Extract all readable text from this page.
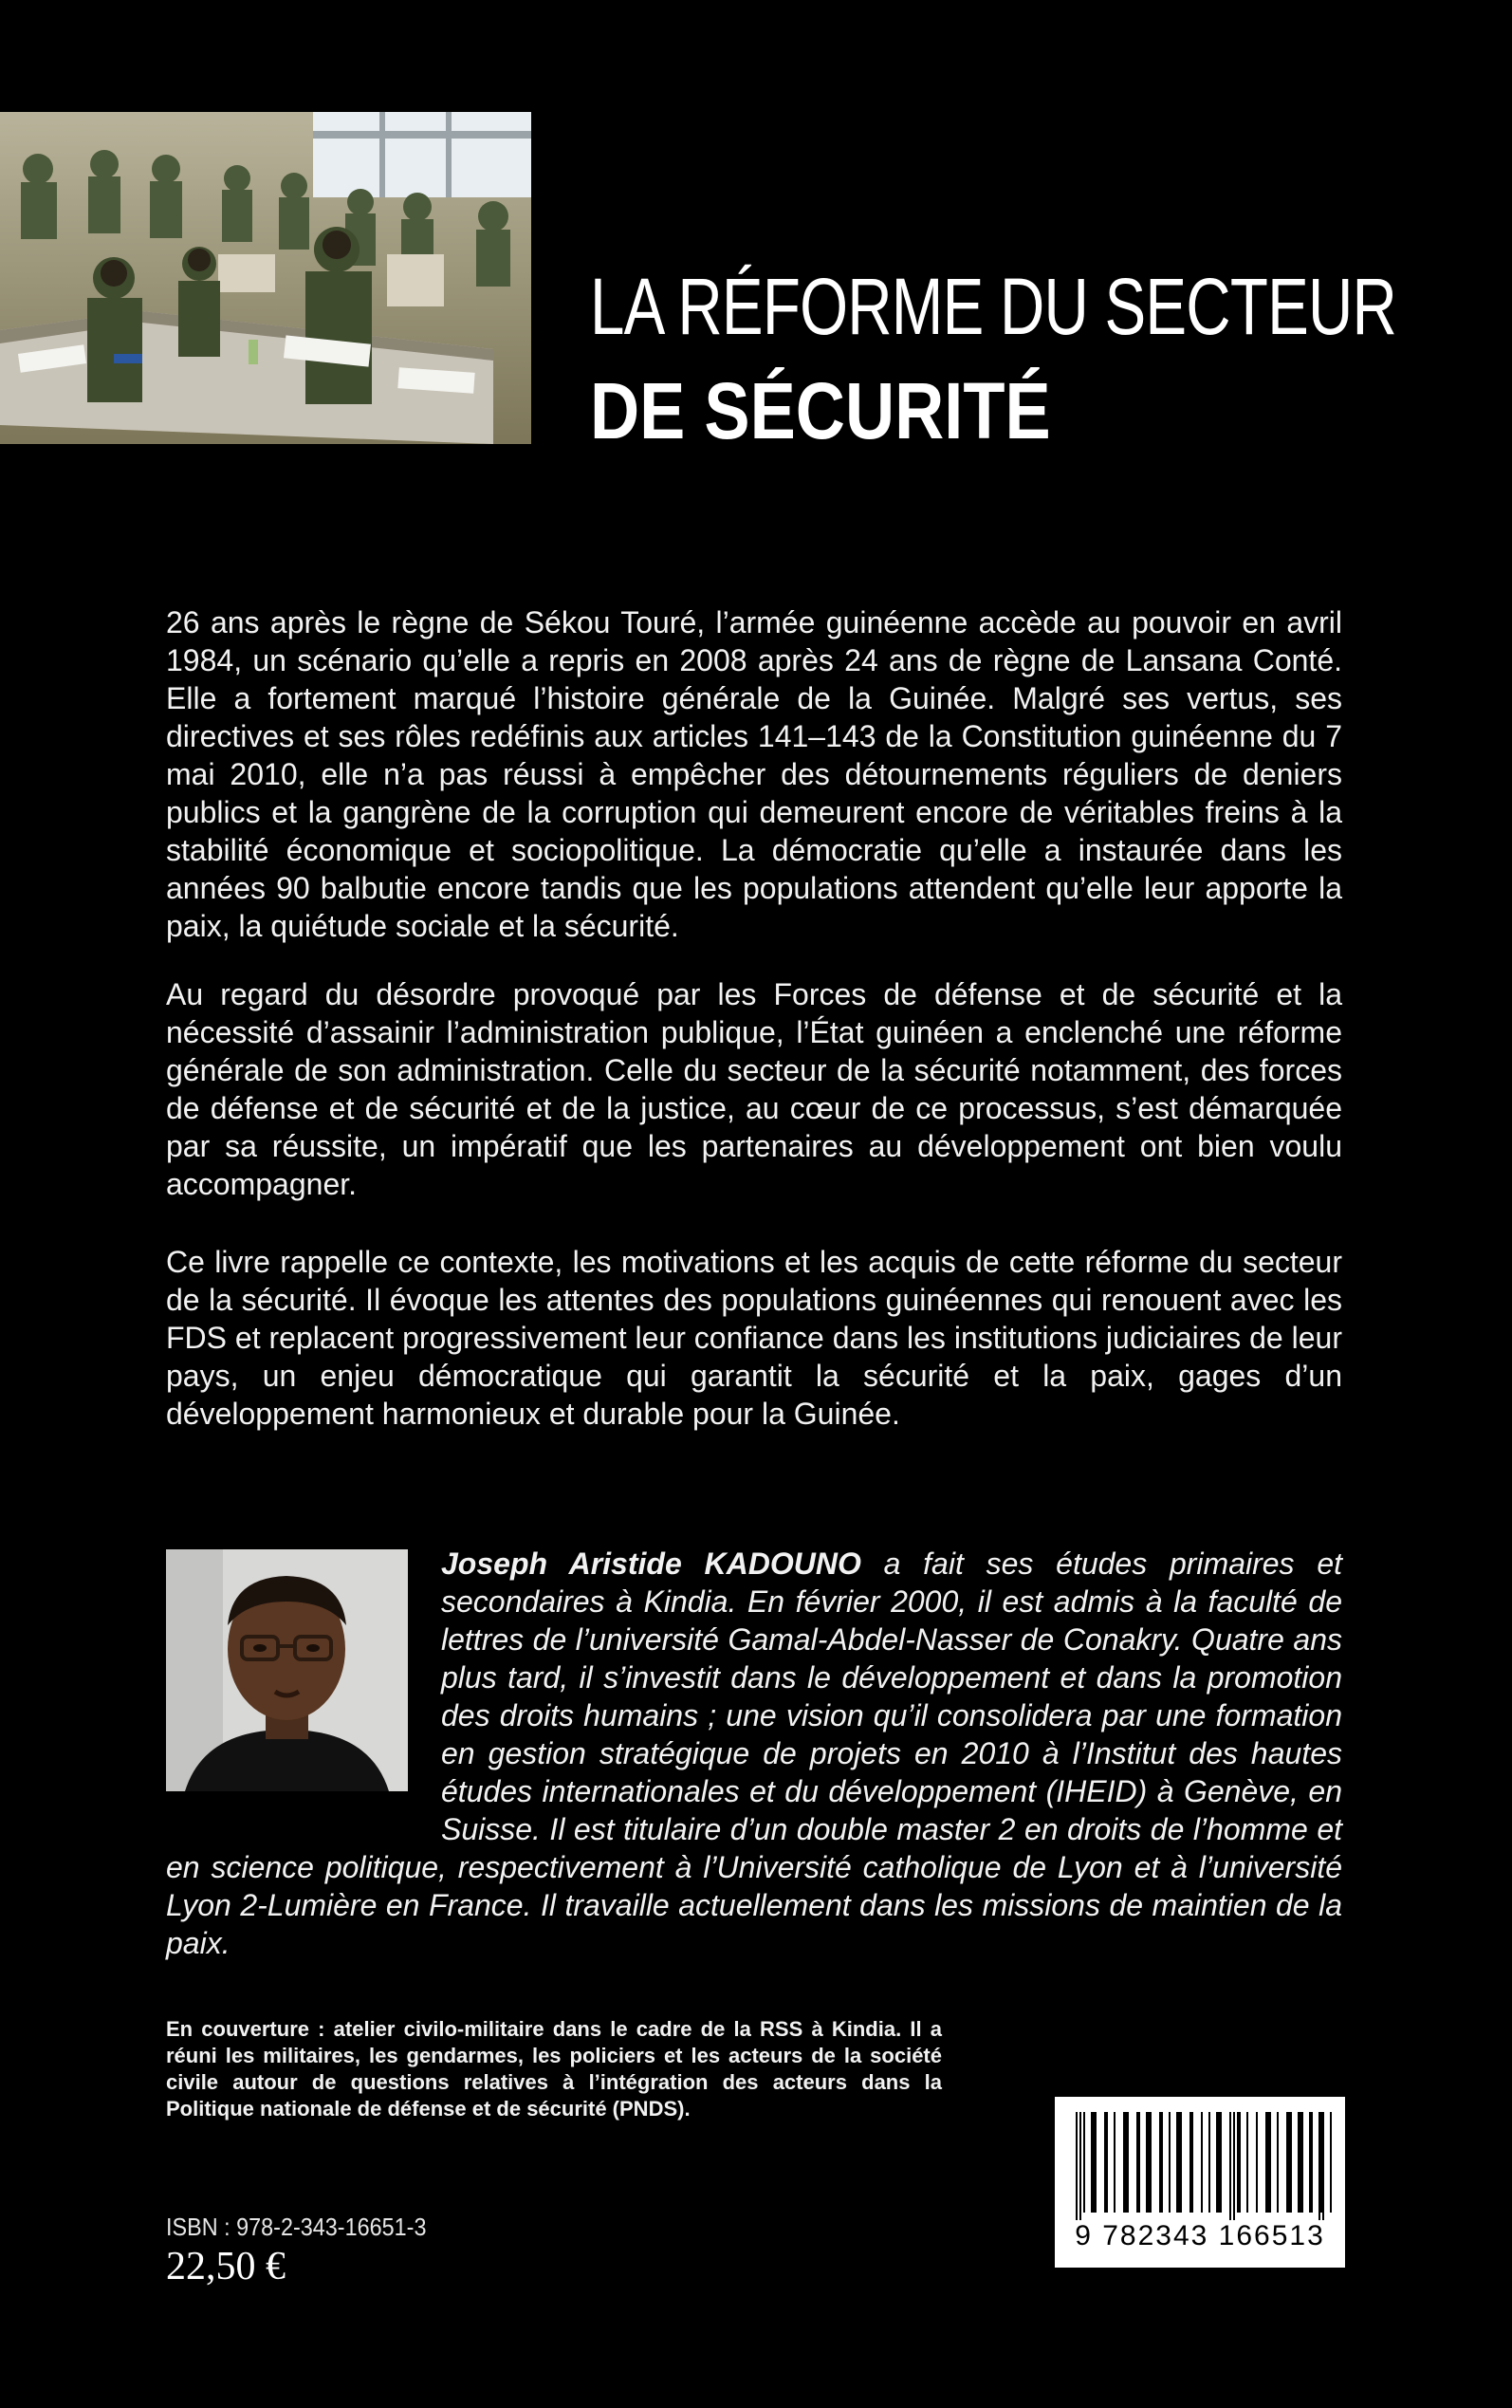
LA RÉFORME DU SECTEUR
DE SÉCURITÉ

26 ans après le règne de Sékou Touré, l’armée guinéenne accède au pouvoir en avril 1984, un scénario qu’elle a repris en 2008 après 24 ans de règne de Lansana Conté. Elle a fortement marqué l’histoire générale de la Guinée. Malgré ses vertus, ses directives et ses rôles redéfinis aux articles 141–143 de la Constitution guinéenne du 7 mai 2010, elle n’a pas réussi à empêcher des détournements réguliers de deniers publics et la gangrène de la corruption qui demeurent encore de véritables freins à la stabilité économique et sociopolitique. La démocratie qu’elle a instaurée dans les années 90 balbutie encore tandis que les populations attendent qu’elle leur apporte la paix, la quiétude sociale et la sécurité.

Au regard du désordre provoqué par les Forces de défense et de sécurité et la nécessité d’assainir l’administration publique, l’État guinéen a enclenché une réforme générale de son administration. Celle du secteur de la sécurité notamment, des forces de défense et de sécurité et de la justice, au cœur de ce processus, s’est démarquée par sa réussite, un impératif que les partenaires au développement ont bien voulu accompagner.

Ce livre rappelle ce contexte, les motivations et les acquis de cette réforme du secteur de la sécurité. Il évoque les attentes des populations guinéennes qui renouent avec les FDS et replacent progressivement leur confiance dans les institutions judiciaires de leur pays, un enjeu démocratique qui garantit la sécurité et la paix, gages d’un développement harmonieux et durable pour la Guinée.

Joseph Aristide KADOUNO a fait ses études primaires et secondaires à Kindia. En février 2000, il est admis à la faculté de lettres de l’université Gamal-Abdel-Nasser de Conakry. Quatre ans plus tard, il s’investit dans le développement et dans la promotion des droits humains ; une vision qu’il consolidera par une formation en gestion stratégique de projets en 2010 à l’Institut des hautes études internationales et du développement (IHEID) à Genève, en Suisse. Il est titulaire d’un double master 2 en droits de l’homme et en science politique, respectivement à l’Université catholique de Lyon et à l’université Lyon 2-Lumière en France. Il travaille actuellement dans les missions de maintien de la paix.

En couverture : atelier civilo-militaire dans le cadre de la RSS à Kindia. Il a réuni les militaires, les gendarmes, les policiers et les acteurs de la société civile autour de questions relatives à l’intégration des acteurs dans la Politique nationale de défense et de sécurité (PNDS).

ISBN : 978-2-343-16651-3
22,50 €
9 782343 166513
